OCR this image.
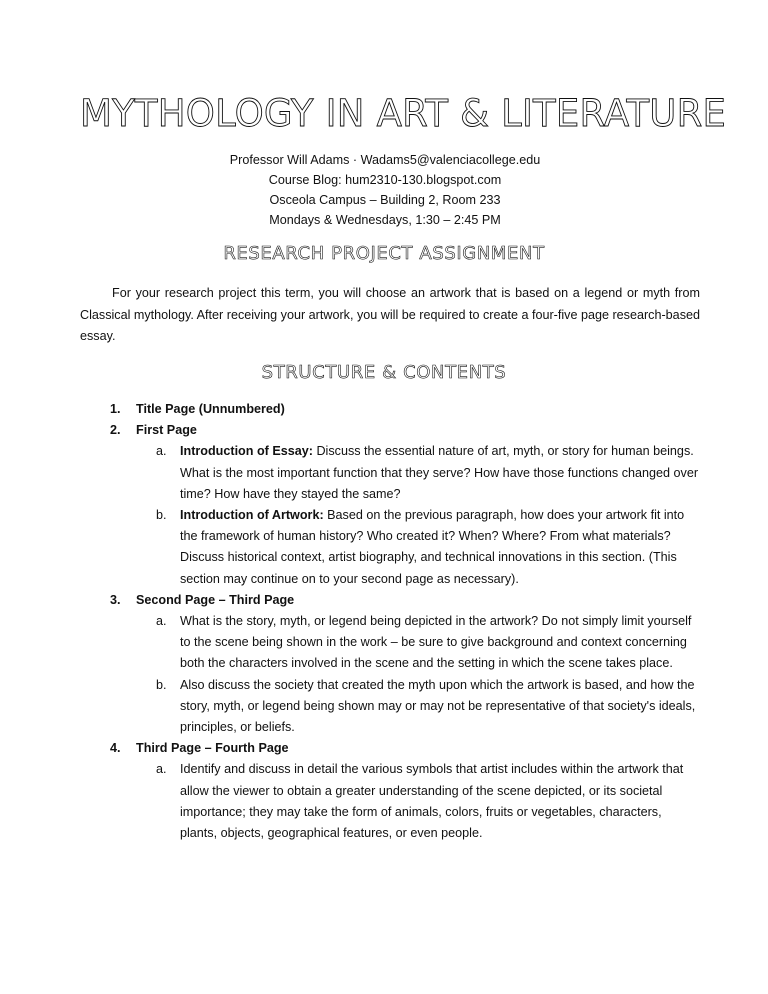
MYTHOLOGY IN ART & LITERATURE
Professor Will Adams · Wadams5@valenciacollege.edu
Course Blog: hum2310-130.blogspot.com
Osceola Campus – Building 2, Room 233
Mondays & Wednesdays, 1:30 – 2:45 PM
RESEARCH PROJECT ASSIGNMENT

For your research project this term, you will choose an artwork that is based on a legend or myth from Classical mythology. After receiving your artwork, you will be required to create a four-five page research-based essay.

STRUCTURE & CONTENTS
1. Title Page (Unnumbered)
2. First Page
a. Introduction of Essay: Discuss the essential nature of art, myth, or story for human beings. What is the most important function that they serve? How have those functions changed over time? How have they stayed the same?
b. Introduction of Artwork: Based on the previous paragraph, how does your artwork fit into the framework of human history? Who created it? When? Where? From what materials? Discuss historical context, artist biography, and technical innovations in this section. (This section may continue on to your second page as necessary).
3. Second Page – Third Page
a. What is the story, myth, or legend being depicted in the artwork? Do not simply limit yourself to the scene being shown in the work – be sure to give background and context concerning both the characters involved in the scene and the setting in which the scene takes place.
b. Also discuss the society that created the myth upon which the artwork is based, and how the story, myth, or legend being shown may or may not be representative of that society's ideals, principles, or beliefs.
4. Third Page – Fourth Page
a. Identify and discuss in detail the various symbols that artist includes within the artwork that allow the viewer to obtain a greater understanding of the scene depicted, or its societal importance; they may take the form of animals, colors, fruits or vegetables, characters, plants, objects, geographical features, or even people.
